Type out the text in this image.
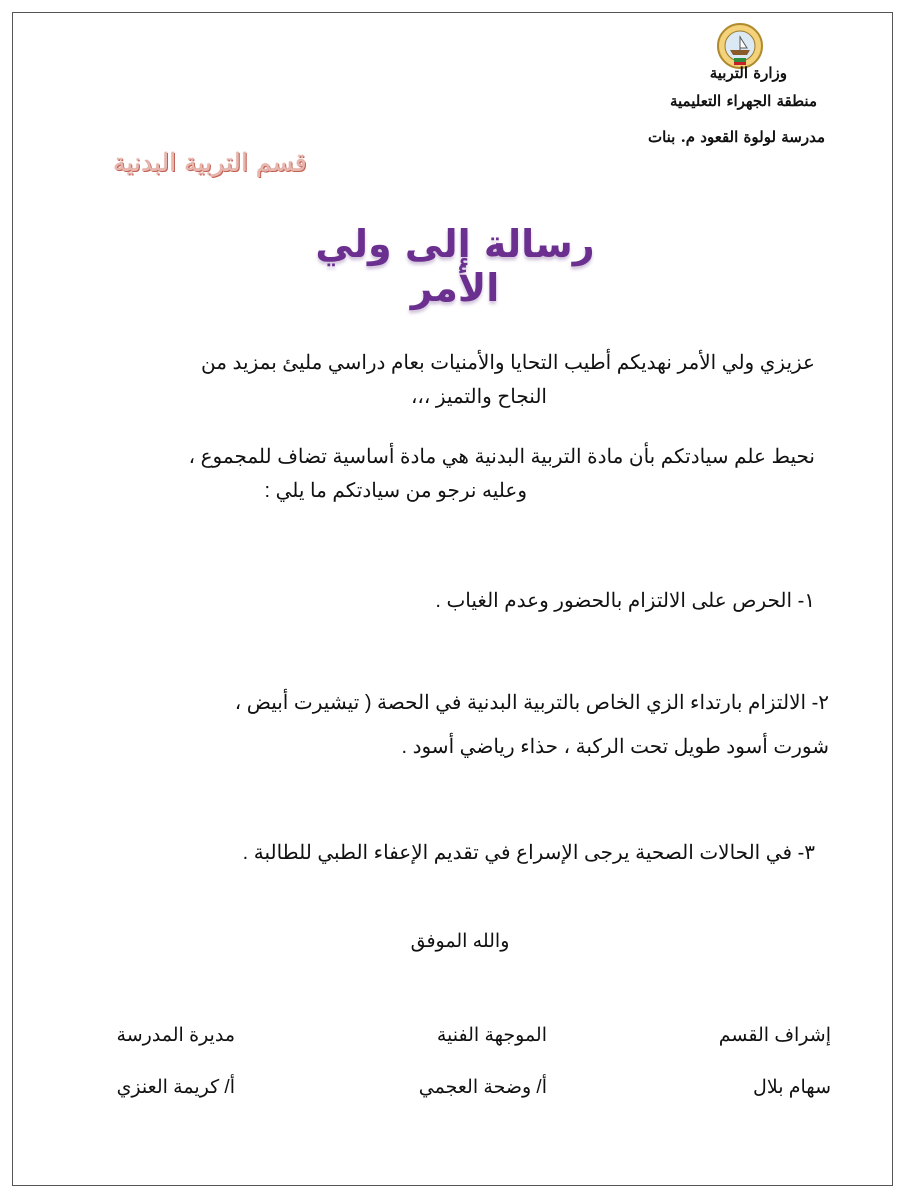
وزارة التربية
منطقة الجهراء التعليمية
مدرسة لولوة القعود م. بنات
قسم التربية البدنية
رسالة إلى ولي الأمر
عزيزي ولي الأمر نهديكم أطيب التحايا والأمنيات بعام دراسي مليئ بمزيد من
النجاح والتميز ،،،
نحيط علم سيادتكم بأن مادة التربية البدنية هي مادة أساسية تضاف للمجموع ،
وعليه نرجو من سيادتكم ما يلي :
١- الحرص على الالتزام بالحضور وعدم الغياب .
٢- الالتزام بارتداء الزي الخاص بالتربية البدنية في الحصة ( تيشيرت أبيض ،
شورت أسود طويل تحت الركبة ، حذاء رياضي أسود .
٣- في الحالات الصحية يرجى الإسراع في تقديم الإعفاء الطبي للطالبة .
والله الموفق
إشراف القسم
الموجهة الفنية
مديرة المدرسة
سهام بلال
أ/ وضحة العجمي
أ/ كريمة العنزي
